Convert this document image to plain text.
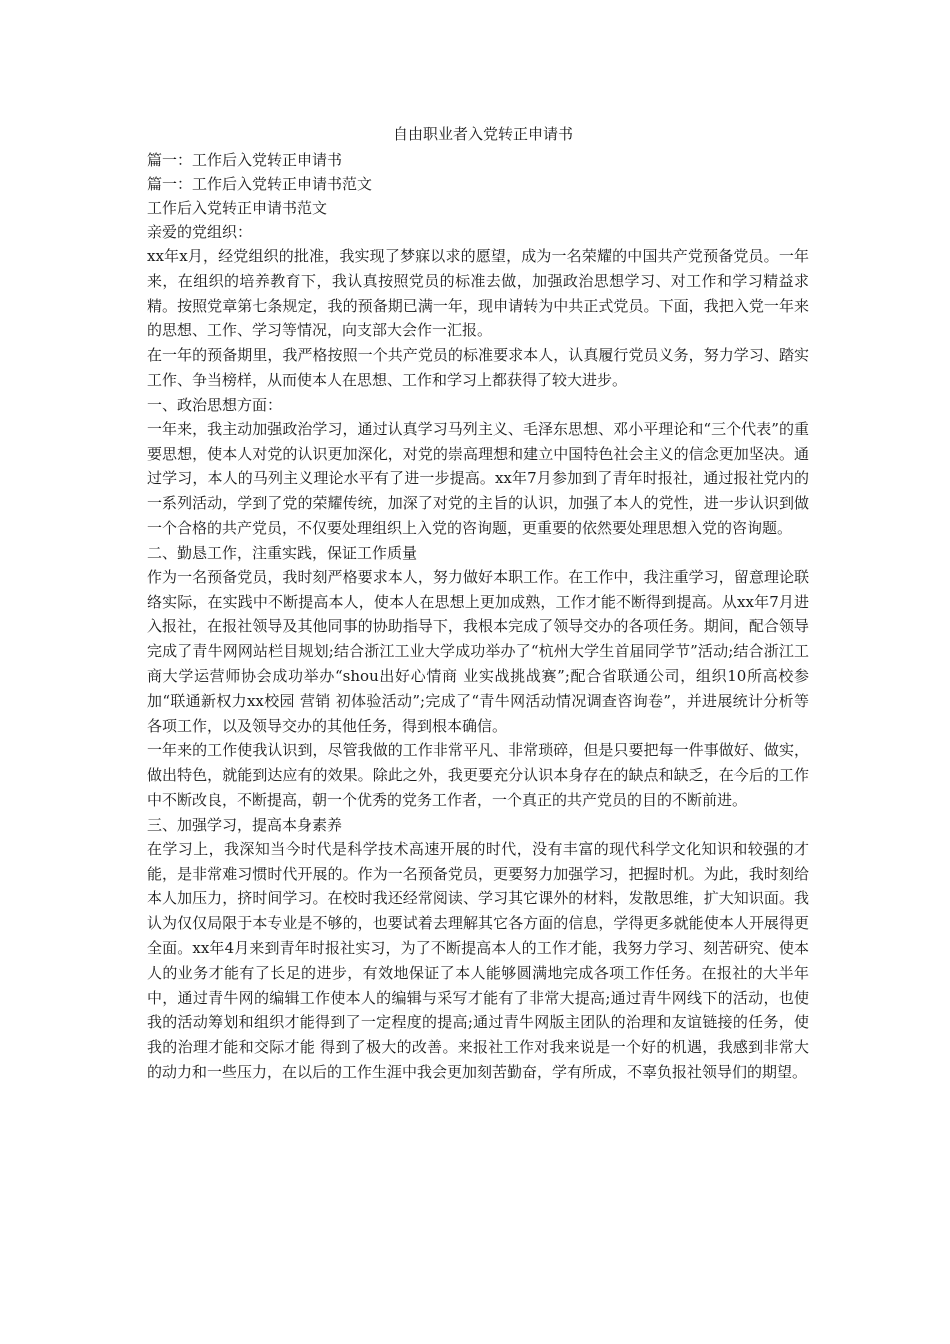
自由职业者入党转正申请书

篇一：工作后入党转正申请书

篇一：工作后入党转正申请书范文

工作后入党转正申请书范文

亲爱的党组织：

xx年x月，经党组织的批准，我实现了梦寐以求的愿望，成为一名荣耀的中国共产党预备党员。一年来，在组织的培养教育下，我认真按照党员的标准去做，加强政治思想学习、对工作和学习精益求精。按照党章第七条规定，我的预备期已满一年，现申请转为中共正式党员。下面，我把入党一年来的思想、工作、学习等情况，向支部大会作一汇报。

在一年的预备期里，我严格按照一个共产党员的标准要求本人，认真履行党员义务，努力学习、踏实工作、争当榜样，从而使本人在思想、工作和学习上都获得了较大进步。

一、政治思想方面：

一年来，我主动加强政治学习，通过认真学习马列主义、毛泽东思想、邓小平理论和“三个代表”的重要思想，使本人对党的认识更加深化，对党的崇高理想和建立中国特色社会主义的信念更加坚决。通过学习，本人的马列主义理论水平有了进一步提高。xx年7月参加到了青年时报社，通过报社党内的一系列活动，学到了党的荣耀传统，加深了对党的主旨的认识，加强了本人的党性，进一步认识到做一个合格的共产党员，不仅要处理组织上入党的咨询题，更重要的依然要处理思想入党的咨询题。

二、勤恳工作，注重实践，保证工作质量

作为一名预备党员，我时刻严格要求本人，努力做好本职工作。在工作中，我注重学习，留意理论联络实际，在实践中不断提高本人，使本人在思想上更加成熟，工作才能不断得到提高。从xx年7月进入报社，在报社领导及其他同事的协助指导下，我根本完成了领导交办的各项任务。期间，配合领导完成了青牛网网站栏目规划;结合浙江工业大学成功举办了“杭州大学生首届同学节”活动;结合浙江工商大学运营师协会成功举办“shou出好心情商 业实战挑战赛”;配合省联通公司，组织10所高校参加“联通新权力xx校园 营销 初体验活动”;完成了“青牛网活动情况调查咨询卷”，并进展统计分析等各项工作，以及领导交办的其他任务，得到根本确信。

一年来的工作使我认识到，尽管我做的工作非常平凡、非常琐碎，但是只要把每一件事做好、做实，做出特色，就能到达应有的效果。除此之外，我更要充分认识本身存在的缺点和缺乏，在今后的工作中不断改良，不断提高，朝一个优秀的党务工作者，一个真正的共产党员的目的不断前进。

三、加强学习，提高本身素养

在学习上，我深知当今时代是科学技术高速开展的时代，没有丰富的现代科学文化知识和较强的才能，是非常难习惯时代开展的。作为一名预备党员，更要努力加强学习，把握时机。为此，我时刻给本人加压力，挤时间学习。在校时我还经常阅读、学习其它课外的材料，发散思维，扩大知识面。我认为仅仅局限于本专业是不够的，也要试着去理解其它各方面的信息，学得更多就能使本人开展得更全面。xx年4月来到青年时报社实习，为了不断提高本人的工作才能，我努力学习、刻苦研究、使本人的业务才能有了长足的进步，有效地保证了本人能够圆满地完成各项工作任务。在报社的大半年中，通过青牛网的编辑工作使本人的编辑与采写才能有了非常大提高;通过青牛网线下的活动，也使我的活动筹划和组织才能得到了一定程度的提高;通过青牛网版主团队的治理和友谊链接的任务，使我的治理才能和交际才能 得到了极大的改善。来报社工作对我来说是一个好的机遇，我感到非常大的动力和一些压力，在以后的工作生涯中我会更加刻苦勤奋，学有所成，不辜负报社领导们的期望。
